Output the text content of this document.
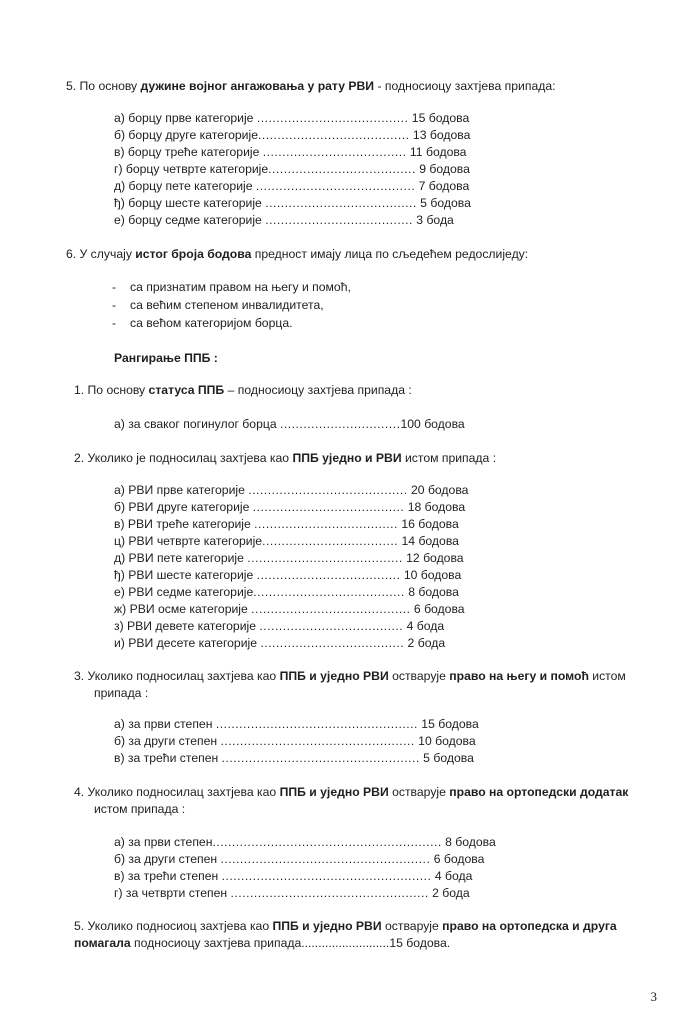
5. По основу дужине војног ангажовања у рату РВИ - подносиоцу захтјева припада:
а) борцу прве категорије ....................................... 15 бодова
б) борцу друге категорије....................................... 13 бодова
в) борцу треће категорије ..................................... 11 бодова
г) борцу четврте категорије...................................... 9 бодова
д) борцу пете категорије ......................................... 7 бодова
ђ) борцу шесте категорије ....................................... 5 бодова
е) борцу седме категорије ...................................... 3 бода
6. У случају истог броја бодова предност имају лица по сљедећем редослиједу:
- са признатим правом на његу и помоћ,
- са већим степеном инвалидитета,
- са већом категоријом борца.
Рангирање ППБ :
1. По основу статуса ППБ – подносиоцу захтјева припада :
а) за сваког погинулог борца ...............................100 бодова
2. Уколико је подносилац захтјева као ППБ уједно и РВИ истом припада :
а) РВИ прве категорије ......................................... 20 бодова
б) РВИ друге категорије ....................................... 18 бодова
в) РВИ треће категорије ..................................... 16 бодова
ц) РВИ четврте категорије................................... 14 бодова
д) РВИ пете категорије ........................................ 12 бодова
ђ) РВИ шесте категорије ..................................... 10 бодова
е) РВИ седме категорије....................................... 8 бодова
ж) РВИ осме категорије ......................................... 6 бодова
з) РВИ девете категорије ..................................... 4 бода
и) РВИ десете категорије ..................................... 2 бода
3. Уколико подносилац захтјева као ППБ и уједно РВИ остварује право на његу и помоћ истом
припада :
а) за први степен .................................................... 15 бодова
б) за други степен .................................................. 10 бодова
в) за трећи степен ................................................... 5 бодова
4. Уколико подносилац захтјева као ППБ и уједно РВИ остварује право на ортопедски додатак
истом припада :
а) за први степен........................................................... 8 бодова
б) за други степен ...................................................... 6 бодова
в) за трећи степен ...................................................... 4 бода
г) за четврти степен ................................................... 2 бода
5. Уколико подносиоц захтјева као ППБ и уједно РВИ остварује право на ортопедска и друга
помагала подносиоцу захтјева припада..........................15 бодова.
3
